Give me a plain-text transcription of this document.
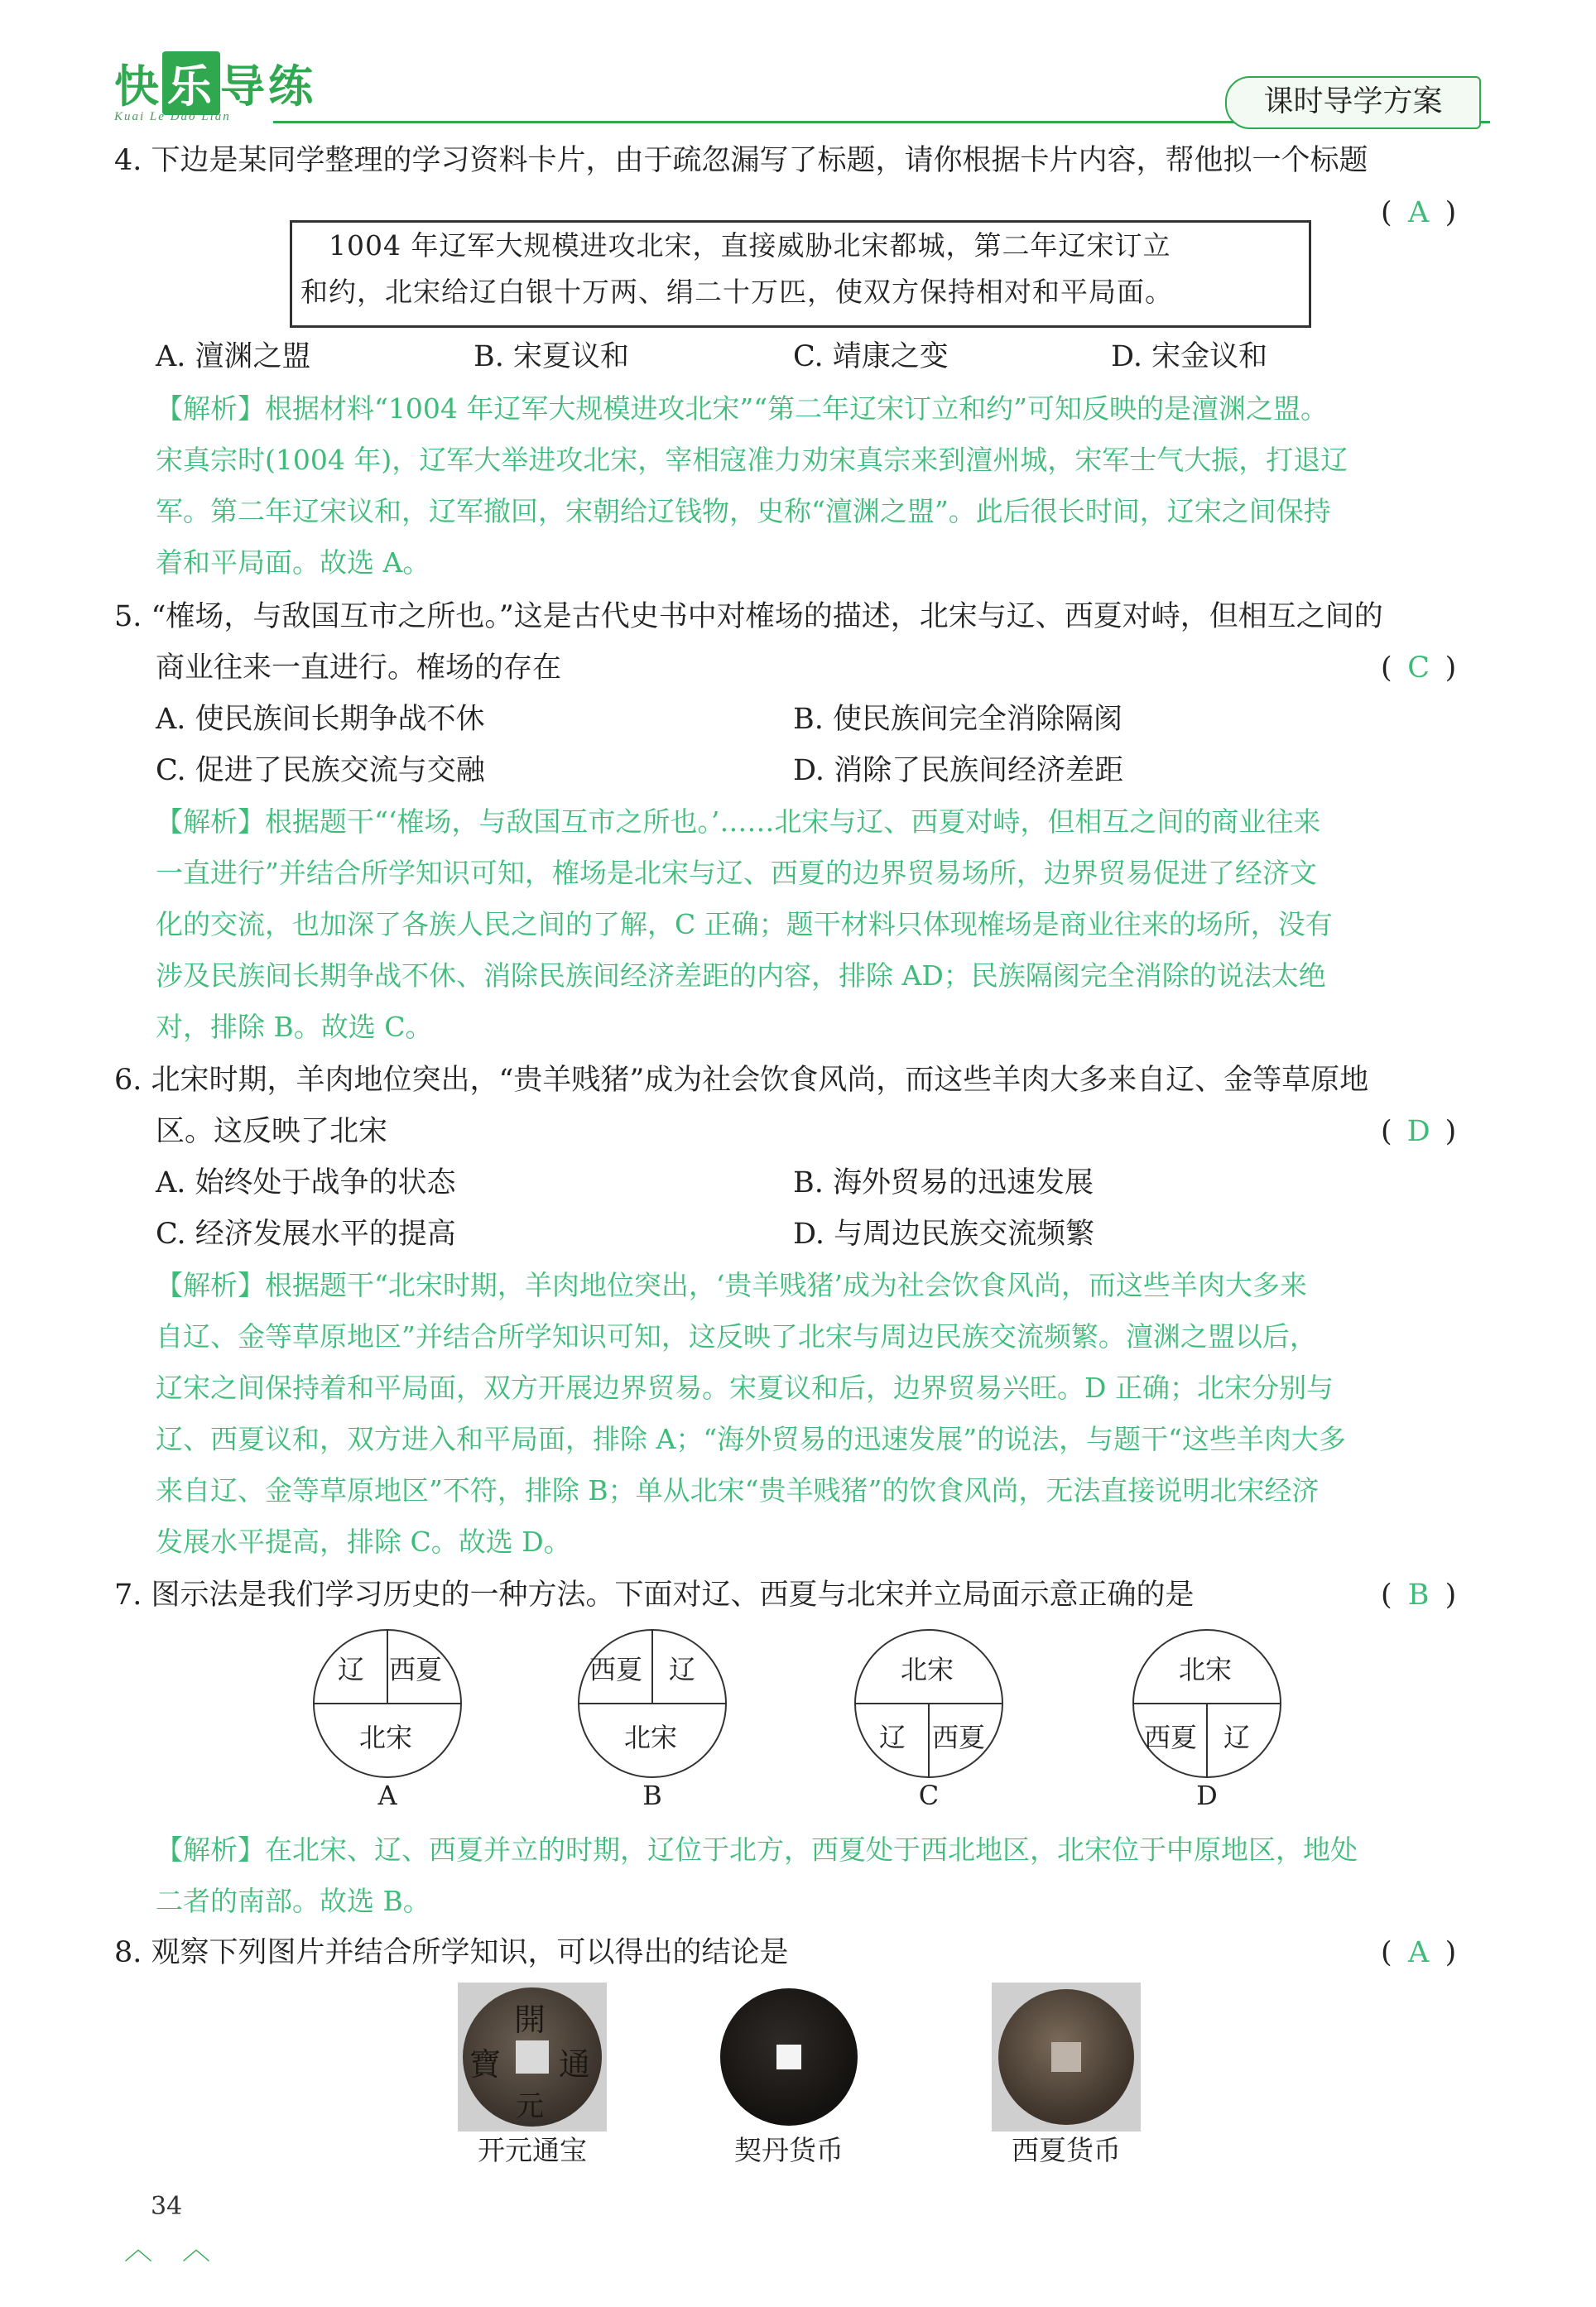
快 乐 导练
Kuai Le Dao Lian	课时导学方案
4. 下边是某同学整理的学习资料卡片，由于疏忽漏写了标题，请你根据卡片内容，帮他拟一个标题
( A )
　1004 年辽军大规模进攻北宋，直接威胁北宋都城，第二年辽宋订立
和约，北宋给辽白银十万两、绢二十万匹，使双方保持相对和平局面。
A. 澶渊之盟	B. 宋夏议和	C. 靖康之变	D. 宋金议和
【解析】根据材料“1004 年辽军大规模进攻北宋”“第二年辽宋订立和约”可知反映的是澶渊之盟。
宋真宗时(1004 年)，辽军大举进攻北宋，宰相寇准力劝宋真宗来到澶州城，宋军士气大振，打退辽
军。第二年辽宋议和，辽军撤回，宋朝给辽钱物，史称“澶渊之盟”。此后很长时间，辽宋之间保持
着和平局面。故选 A。
5. “榷场，与敌国互市之所也。”这是古代史书中对榷场的描述，北宋与辽、西夏对峙，但相互之间的
商业往来一直进行。榷场的存在	( C )
A. 使民族间长期争战不休	B. 使民族间完全消除隔阂
C. 促进了民族交流与交融	D. 消除了民族间经济差距
【解析】根据题干“‘榷场，与敌国互市之所也。’……北宋与辽、西夏对峙，但相互之间的商业往来
一直进行”并结合所学知识可知，榷场是北宋与辽、西夏的边界贸易场所，边界贸易促进了经济文
化的交流，也加深了各族人民之间的了解，C 正确；题干材料只体现榷场是商业往来的场所，没有
涉及民族间长期争战不休、消除民族间经济差距的内容，排除 AD；民族隔阂完全消除的说法太绝
对，排除 B。故选 C。
6. 北宋时期，羊肉地位突出，“贵羊贱猪”成为社会饮食风尚，而这些羊肉大多来自辽、金等草原地
区。这反映了北宋	( D )
A. 始终处于战争的状态	B. 海外贸易的迅速发展
C. 经济发展水平的提高	D. 与周边民族交流频繁
【解析】根据题干“北宋时期，羊肉地位突出，‘贵羊贱猪’成为社会饮食风尚，而这些羊肉大多来
自辽、金等草原地区”并结合所学知识可知，这反映了北宋与周边民族交流频繁。澶渊之盟以后，
辽宋之间保持着和平局面，双方开展边界贸易。宋夏议和后，边界贸易兴旺。D 正确；北宋分别与
辽、西夏议和，双方进入和平局面，排除 A；“海外贸易的迅速发展”的说法，与题干“这些羊肉大多
来自辽、金等草原地区”不符，排除 B；单从北宋“贵羊贱猪”的饮食风尚，无法直接说明北宋经济
发展水平提高，排除 C。故选 D。
7. 图示法是我们学习历史的一种方法。下面对辽、西夏与北宋并立局面示意正确的是	( B )
辽 西夏
北宋
A
西夏 辽
北宋
B
北宋
辽 西夏
C
北宋
西夏 辽
D
【解析】在北宋、辽、西夏并立的时期，辽位于北方，西夏处于西北地区，北宋位于中原地区，地处
二者的南部。故选 B。
8. 观察下列图片并结合所学知识，可以得出的结论是	( A )
開
通
元
寶
开元通宝	契丹货币	西夏货币
34
︿ ︿
